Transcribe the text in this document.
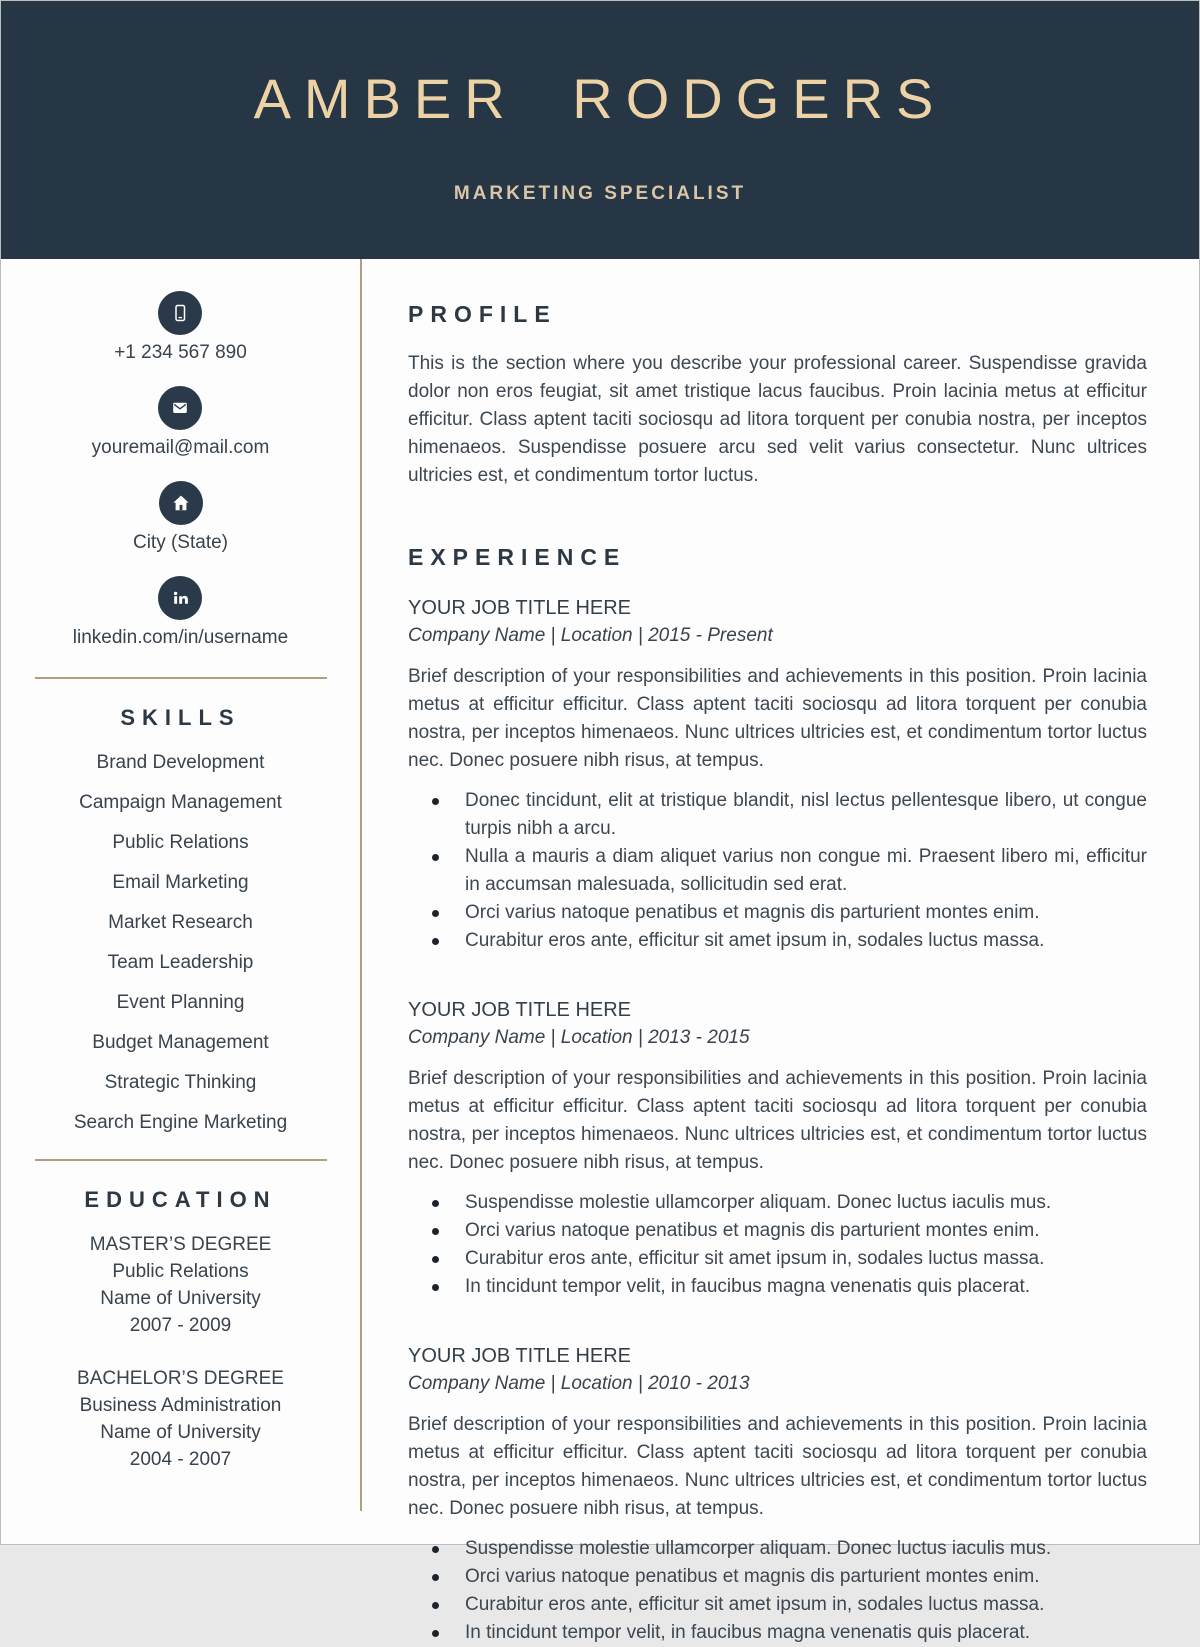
AMBER RODGERS
MARKETING SPECIALIST
+1 234 567 890
youremail@mail.com
City (State)
linkedin.com/in/username
SKILLS
Brand Development
Campaign Management
Public Relations
Email Marketing
Market Research
Team Leadership
Event Planning
Budget Management
Strategic Thinking
Search Engine Marketing
EDUCATION
MASTER’S DEGREE
Public Relations
Name of University
2007 - 2009
BACHELOR’S DEGREE
Business Administration
Name of University
2004 - 2007
PROFILE
This is the section where you describe your professional career. Suspendisse gravida dolor non eros feugiat, sit amet tristique lacus faucibus. Proin lacinia metus at efficitur efficitur. Class aptent taciti sociosqu ad litora torquent per conubia nostra, per inceptos himenaeos. Suspendisse posuere arcu sed velit varius consectetur. Nunc ultrices ultricies est, et condimentum tortor luctus.
EXPERIENCE
YOUR JOB TITLE HERE
Company Name | Location | 2015 - Present
Brief description of your responsibilities and achievements in this position. Proin lacinia metus at efficitur efficitur. Class aptent taciti sociosqu ad litora torquent per conubia nostra, per inceptos himenaeos. Nunc ultrices ultricies est, et condimentum tortor luctus nec. Donec posuere nibh risus, at tempus.
Donec tincidunt, elit at tristique blandit, nisl lectus pellentesque libero, ut congue turpis nibh a arcu.
Nulla a mauris a diam aliquet varius non congue mi. Praesent libero mi, efficitur in accumsan malesuada, sollicitudin sed erat.
Orci varius natoque penatibus et magnis dis parturient montes enim.
Curabitur eros ante, efficitur sit amet ipsum in, sodales luctus massa.
YOUR JOB TITLE HERE
Company Name | Location | 2013 - 2015
Brief description of your responsibilities and achievements in this position. Proin lacinia metus at efficitur efficitur. Class aptent taciti sociosqu ad litora torquent per conubia nostra, per inceptos himenaeos. Nunc ultrices ultricies est, et condimentum tortor luctus nec. Donec posuere nibh risus, at tempus.
Suspendisse molestie ullamcorper aliquam. Donec luctus iaculis mus.
Orci varius natoque penatibus et magnis dis parturient montes enim.
Curabitur eros ante, efficitur sit amet ipsum in, sodales luctus massa.
In tincidunt tempor velit, in faucibus magna venenatis quis placerat.
YOUR JOB TITLE HERE
Company Name | Location | 2010 - 2013
Brief description of your responsibilities and achievements in this position. Proin lacinia metus at efficitur efficitur. Class aptent taciti sociosqu ad litora torquent per conubia nostra, per inceptos himenaeos. Nunc ultrices ultricies est, et condimentum tortor luctus nec. Donec posuere nibh risus, at tempus.
Suspendisse molestie ullamcorper aliquam. Donec luctus iaculis mus.
Orci varius natoque penatibus et magnis dis parturient montes enim.
Curabitur eros ante, efficitur sit amet ipsum in, sodales luctus massa.
In tincidunt tempor velit, in faucibus magna venenatis quis placerat.
